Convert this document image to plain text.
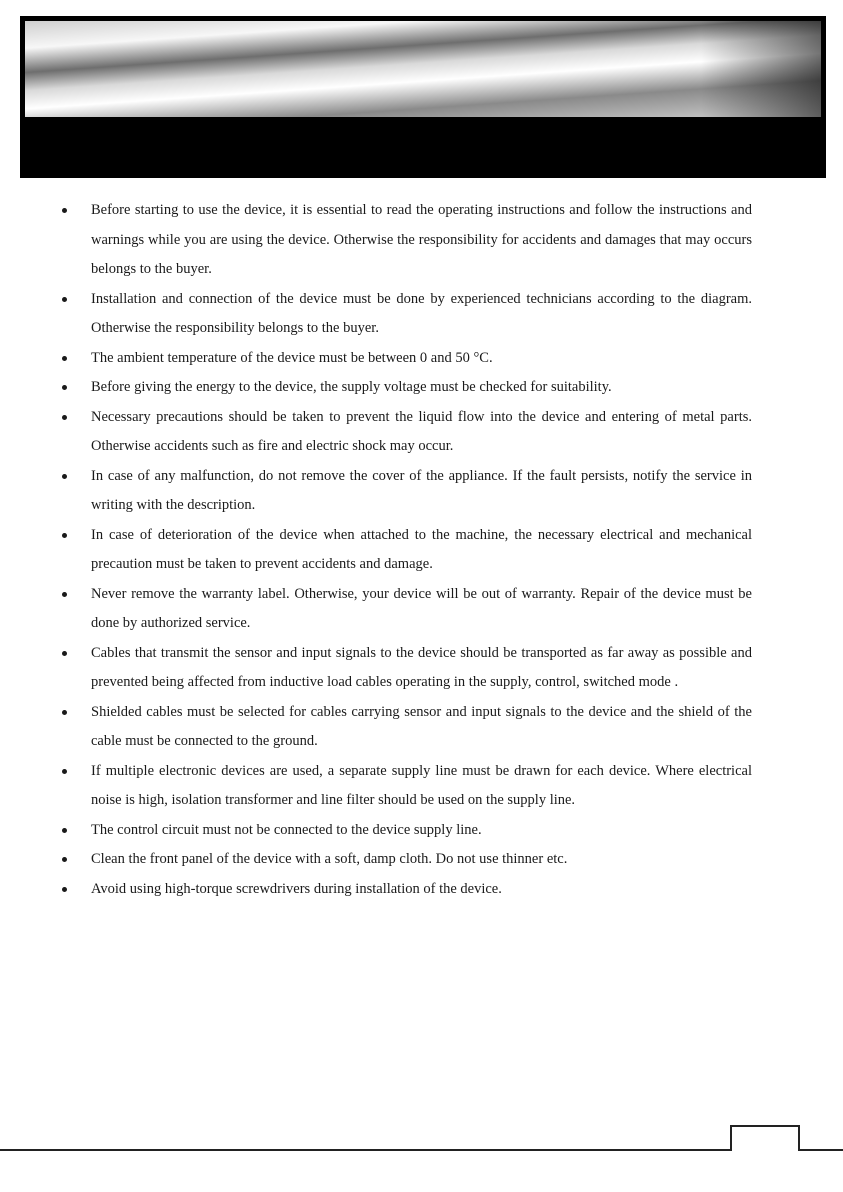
Before starting to use the device, it is essential to read the operating instructions and follow the instructions and warnings while you are using the device. Otherwise the responsibility for accidents and damages that may occurs belongs to the buyer.
Installation and connection of the device must be done by experienced technicians according to the diagram. Otherwise the responsibility belongs to the buyer.
The ambient temperature of the device must be between 0 and 50 °C.
Before giving the energy to the device, the supply voltage must be checked for suitability.
Necessary precautions should be taken to prevent the liquid flow into the device and entering of metal parts. Otherwise accidents such as fire and electric shock may occur.
In case of any malfunction, do not remove the cover of the appliance. If the fault persists, notify the service in writing with the description.
In case of deterioration of the device when attached to the machine, the necessary electrical and mechanical precaution must be taken to prevent accidents and damage.
Never remove the warranty label. Otherwise, your device will be out of warranty. Repair of the device must be done by authorized service.
Cables that transmit the sensor and input signals to the device should be transported as far away as possible and prevented being affected from inductive load cables operating in the supply, control, switched mode .
Shielded cables must be selected for cables carrying sensor and input signals to the device and the shield of the cable must be connected to the ground.
If multiple electronic devices are used, a separate supply line must be drawn for each device. Where electrical noise is high, isolation transformer and line filter should be used on the supply line.
The control circuit must not be connected to the device supply line.
Clean the front panel of the device with a soft, damp cloth. Do not use thinner etc.
Avoid using high-torque screwdrivers during installation of the device.
